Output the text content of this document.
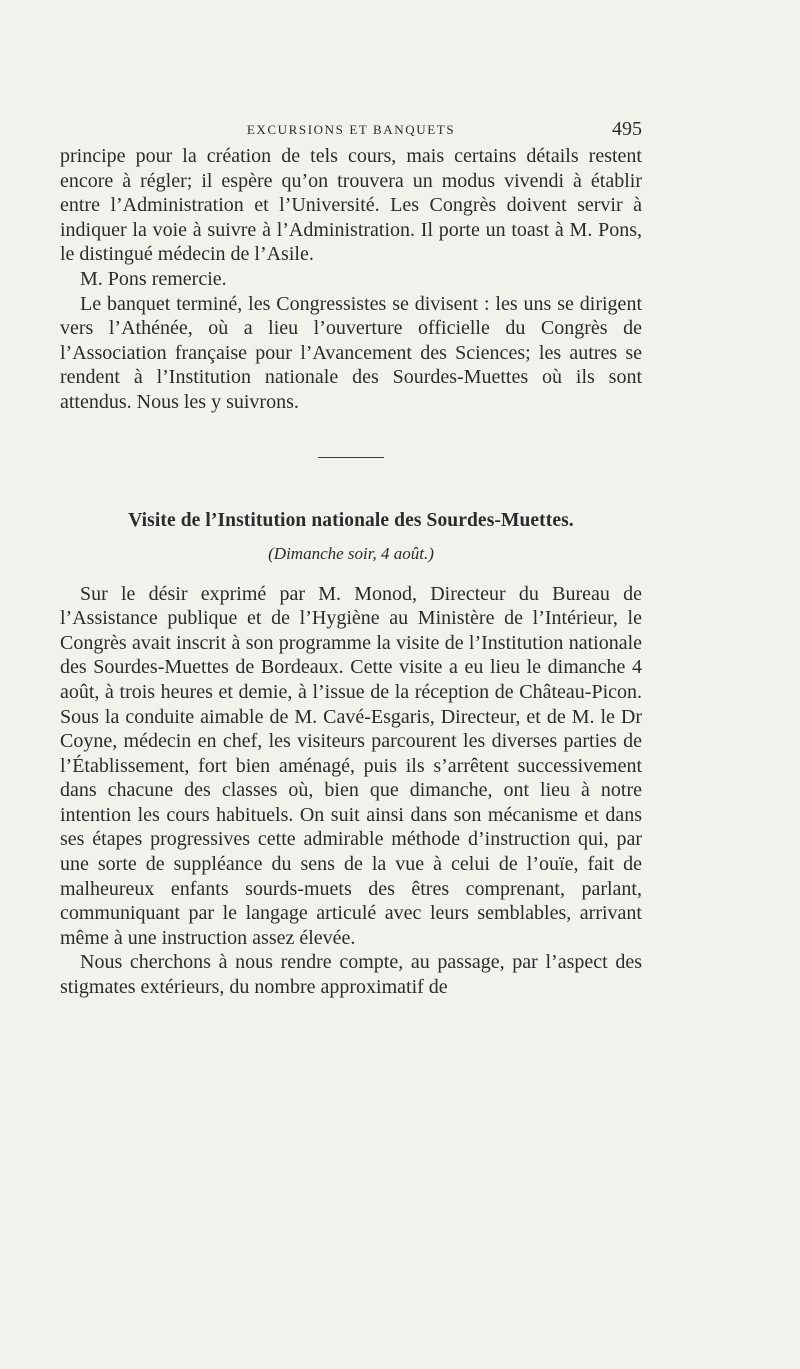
EXCURSIONS ET BANQUETS	495

principe pour la création de tels cours, mais certains détails restent encore à régler; il espère qu’on trouvera un modus vivendi à établir entre l’Administration et l’Université. Les Congrès doivent servir à indiquer la voie à suivre à l’Administration. Il porte un toast à M. Pons, le distingué médecin de l’Asile.

M. Pons remercie.

Le banquet terminé, les Congressistes se divisent : les uns se dirigent vers l’Athénée, où a lieu l’ouverture officielle du Congrès de l’Association française pour l’Avancement des Sciences; les autres se rendent à l’Institution nationale des Sourdes-Muettes où ils sont attendus. Nous les y suivrons.

Visite de l’Institution nationale des Sourdes-Muettes.
(Dimanche soir, 4 août.)

Sur le désir exprimé par M. Monod, Directeur du Bureau de l’Assistance publique et de l’Hygiène au Ministère de l’Intérieur, le Congrès avait inscrit à son programme la visite de l’Institution nationale des Sourdes-Muettes de Bordeaux. Cette visite a eu lieu le dimanche 4 août, à trois heures et demie, à l’issue de la réception de Château-Picon. Sous la conduite aimable de M. Cavé-Esgaris, Directeur, et de M. le Dr Coyne, médecin en chef, les visiteurs parcourent les diverses parties de l’Établissement, fort bien aménagé, puis ils s’arrêtent successivement dans chacune des classes où, bien que dimanche, ont lieu à notre intention les cours habituels. On suit ainsi dans son mécanisme et dans ses étapes progressives cette admirable méthode d’instruction qui, par une sorte de suppléance du sens de la vue à celui de l’ouïe, fait de malheureux enfants sourds-muets des êtres comprenant, parlant, communiquant par le langage articulé avec leurs semblables, arrivant même à une instruction assez élevée.

Nous cherchons à nous rendre compte, au passage, par l’aspect des stigmates extérieurs, du nombre approximatif de
